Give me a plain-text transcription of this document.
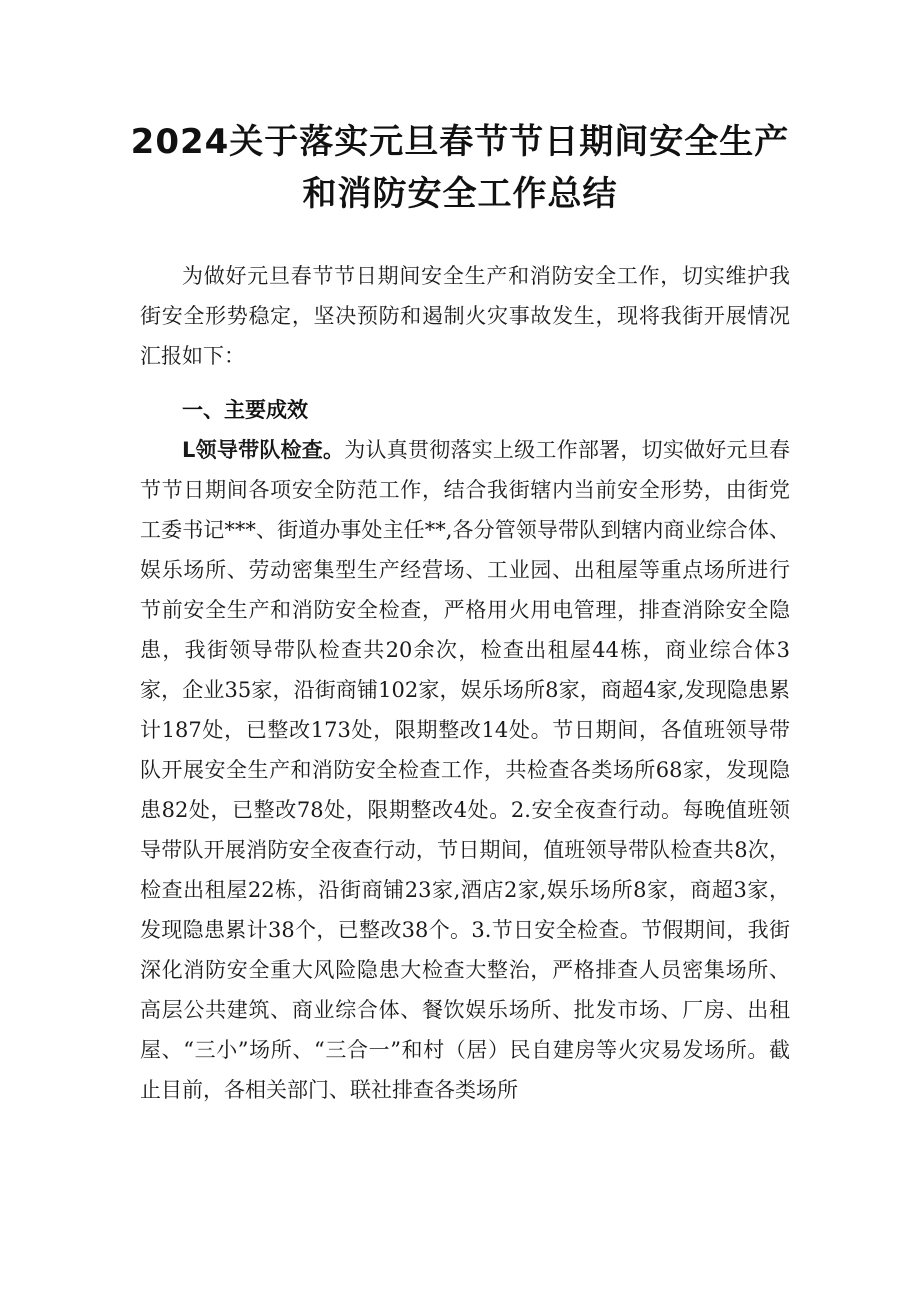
2024关于落实元旦春节节日期间安全生产
和消防安全工作总结

为做好元旦春节节日期间安全生产和消防安全工作，切实维护我街安全形势稳定，坚决预防和遏制火灾事故发生，现将我街开展情况汇报如下：

一、主要成效

L领导带队检查。为认真贯彻落实上级工作部署，切实做好元旦春节节日期间各项安全防范工作，结合我街辖内当前安全形势，由街党工委书记***、街道办事处主任**,各分管领导带队到辖内商业综合体、娱乐场所、劳动密集型生产经营场、工业园、出租屋等重点场所进行节前安全生产和消防安全检查，严格用火用电管理，排查消除安全隐患，我街领导带队检查共20余次，检查出租屋44栋，商业综合体3家，企业35家，沿街商铺102家，娱乐场所8家，商超4家,发现隐患累计187处，已整改173处，限期整改14处。节日期间，各值班领导带队开展安全生产和消防安全检查工作，共检查各类场所68家，发现隐患82处，已整改78处，限期整改4处。2.安全夜查行动。每晚值班领导带队开展消防安全夜查行动，节日期间，值班领导带队检查共8次，检查出租屋22栋，沿街商铺23家,酒店2家,娱乐场所8家，商超3家，发现隐患累计38个，已整改38个。3.节日安全检查。节假期间，我街深化消防安全重大风险隐患大检查大整治，严格排查人员密集场所、高层公共建筑、商业综合体、餐饮娱乐场所、批发市场、厂房、出租屋、“三小”场所、“三合一”和村（居）民自建房等火灾易发场所。截止目前，各相关部门、联社排查各类场所
